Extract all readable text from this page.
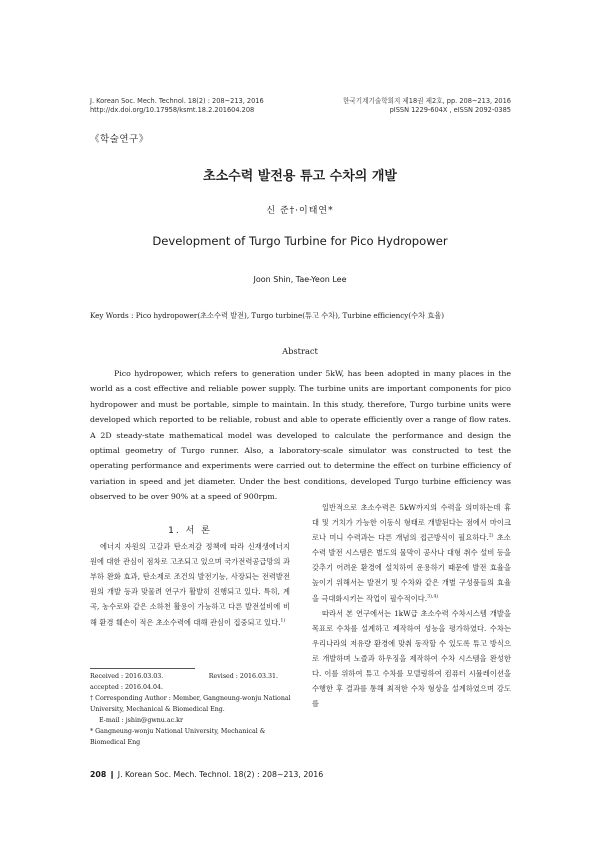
J. Korean Soc. Mech. Technol. 18(2) : 208~213, 2016
http://dx.doi.org/10.17958/ksmt.18.2.201604.208
한국기계기술학회지 제18권 제2호, pp. 208~213, 2016
pISSN 1229-604X , eISSN 2092-0385
《학술연구》
초소수력 발전용 튜고 수차의 개발
신 준†·이태연*
Development of Turgo Turbine for Pico Hydropower
Joon Shin, Tae-Yeon Lee
Key Words : Pico hydropower(초소수력 발전), Turgo turbine(튜고 수차), Turbine efficiency(수차 효율)
Abstract

Pico hydropower, which refers to generation under 5kW, has been adopted in many places in the world as a cost effective and reliable power supply. The turbine units are important components for pico hydropower and must be portable, simple to maintain. In this study, therefore, Turgo turbine units were developed which reported to be reliable, robust and able to operate efficiently over a range of flow rates. A 2D steady-state mathematical model was developed to calculate the performance and design the optimal geometry of Turgo runner. Also, a laboratory-scale simulator was constructed to test the operating performance and experiments were carried out to determine the effect on turbine efficiency of variation in speed and jet diameter. Under the best conditions, developed Turgo turbine efficiency was observed to be over 90% at a speed of 900rpm.

1. 서 론

에너지 자원의 고갈과 탄소저감 정책에 따라 신재생에너지원에 대한 관심이 점차로 고조되고 있으며 국가전력공급망의 과부하 완화 효과, 탄소제로 조건의 발전기능, 사장되는 전력발전원의 개발 등과 맞물려 연구가 활발히 진행되고 있다. 특히, 계곡, 농수로와 같은 소하천 활용이 가능하고 다른 발전설비에 비해 환경 훼손이 적은 초소수력에 대해 관심이 집중되고 있다.$^{1)}$

일반적으로 초소수력은 5kW까지의 수력을 의미하는데 휴대 및 거치가 가능한 이동식 형태로 개발된다는 점에서 마이크로나 미니 수력과는 다른 개념의 접근방식이 필요하다.$^{2)}$ 초소수력 발전 시스템은 별도의 물막이 공사나 대형 취수 설비 등을 갖추기 어려운 환경에 설치하여 운용하기 때문에 발전 효율을 높이기 위해서는 발전기 및 수차와 같은 개별 구성품들의 효율을 극대화시키는 작업이 필수적이다.$^{3),4)}$

따라서 본 연구에서는 1kW급 초소수력 수차시스템 개발을 목표로 수차를 설계하고 제작하여 성능을 평가하였다. 수차는 우리나라의 저유량 환경에 맞춰 동작할 수 있도록 튜고 방식으로 개발하며 노즐과 하우징을 제작하여 수차 시스템을 완성한다. 이를 위하여 튜고 수차를 모델링하여 컴퓨터 시뮬레이션을 수행한 후 결과를 통해 최적한 수차 형상을 설계하였으며 강도를

Received : 2016.03.03.	Revised : 2016.03.31.

accepted : 2016.04.04.

† Corresponding Author : Member, Gangneung-wonju National University, Mechanical & Biomedical Eng.

E-mail : jshin@gwnu.ac.kr

* Gangneung-wonju National University, Mechanical & Biomedical Eng

208 ❙ J. Korean Soc. Mech. Technol. 18(2) : 208~213, 2016
